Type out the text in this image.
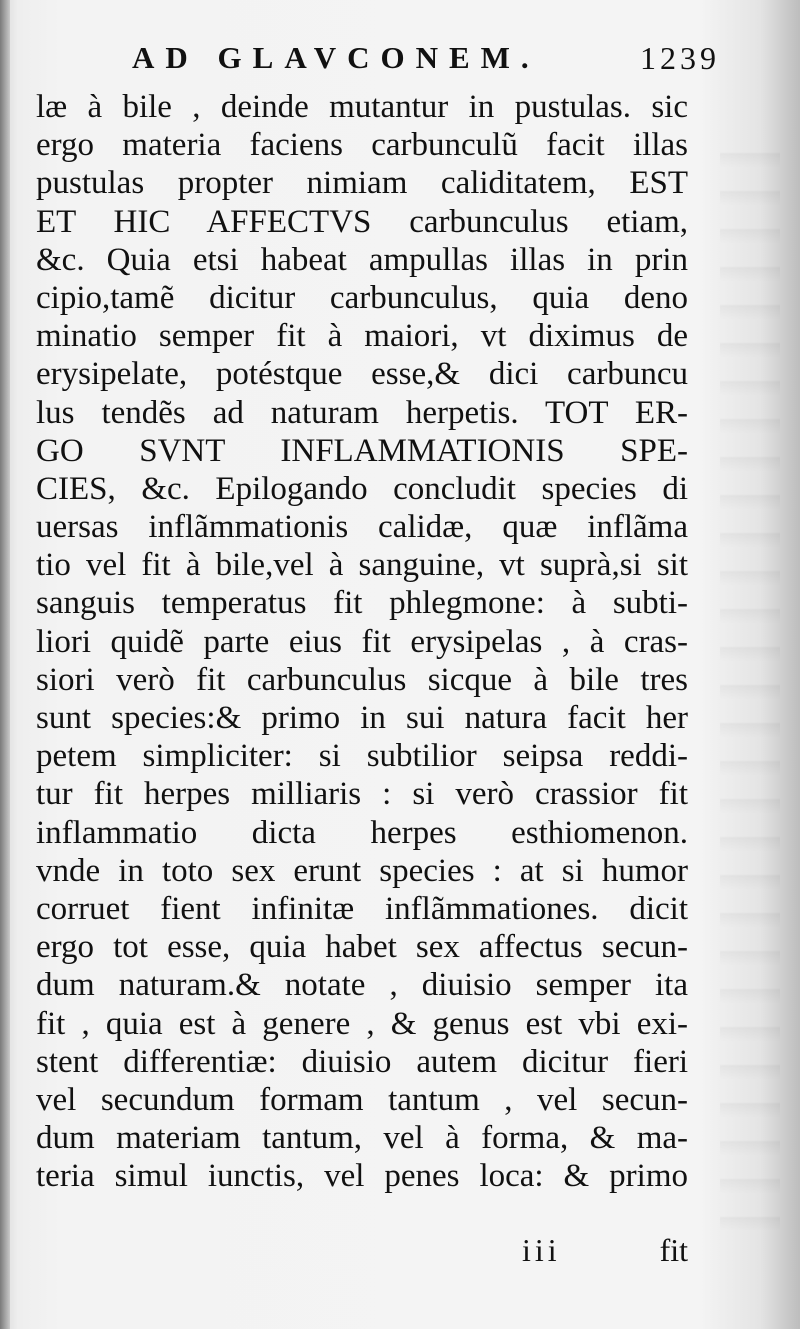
AD GLAVCONEM.	1239
læ à bile , deinde mutantur in pustulas. sic
ergo materia faciens carbunculũ facit illas
pustulas propter nimiam caliditatem, EST
ET HIC AFFECTVS carbunculus etiam,
&c. Quia etsi habeat ampullas illas in prin
cipio,tamẽ dicitur carbunculus, quia deno
minatio semper fit à maiori, vt diximus de
erysipelate, potéstque esse,& dici carbuncu
lus tendẽs ad naturam herpetis. TOT ER-
GO SVNT INFLAMMATIONIS SPE-
CIES, &c. Epilogando concludit species di
uersas inflãmmationis calidæ, quæ inflãma
tio vel fit à bile,vel à sanguine, vt suprà,si sit
sanguis temperatus fit phlegmone: à subti-
liori quidẽ parte eius fit erysipelas , à cras-
siori verò fit carbunculus sicque à bile tres
sunt species:& primo in sui natura facit her
petem simpliciter: si subtilior seipsa reddi-
tur fit herpes milliaris : si verò crassior fit
inflammatio dicta herpes esthiomenon.
vnde in toto sex erunt species : at si humor
corruet fient infinitæ inflãmmationes. dicit
ergo tot esse, quia habet sex affectus secun-
dum naturam.& notate , diuisio semper ita
fit , quia est à genere , & genus est vbi exi-
stent differentiæ: diuisio autem dicitur fieri
vel secundum formam tantum , vel secun-
dum materiam tantum, vel à forma, & ma-
teria simul iunctis, vel penes loca: & primo
iii	fit
